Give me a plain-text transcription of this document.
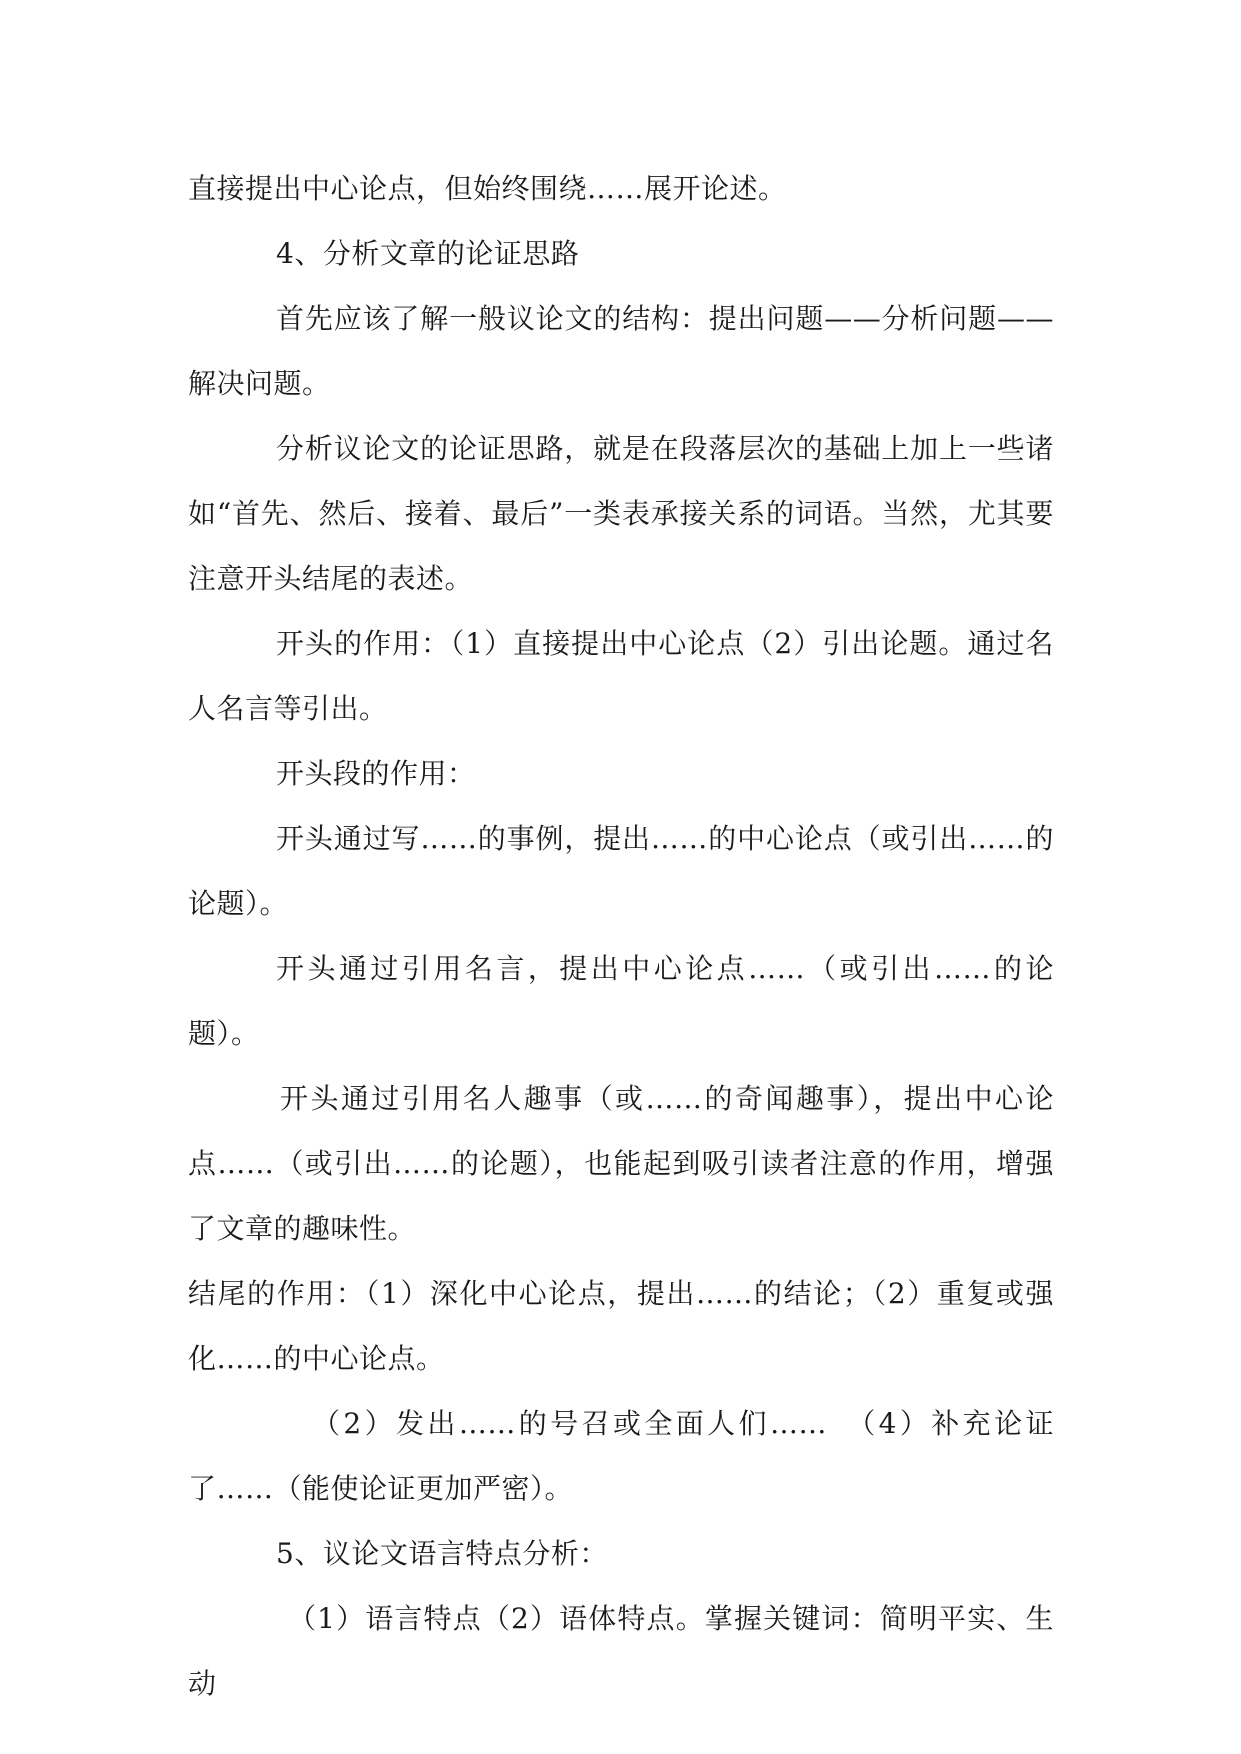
直接提出中心论点，但始终围绕……展开论述。

4、分析文章的论证思路

首先应该了解一般议论文的结构：提出问题——分析问题——解决问题。

分析议论文的论证思路，就是在段落层次的基础上加上一些诸如“首先、然后、接着、最后”一类表承接关系的词语。当然，尤其要注意开头结尾的表述。

开头的作用：（1）直接提出中心论点（2）引出论题。通过名人名言等引出。

开头段的作用：

开头通过写……的事例，提出……的中心论点（或引出……的论题）。

开头通过引用名言，提出中心论点……（或引出……的论题）。

开头通过引用名人趣事（或……的奇闻趣事），提出中心论点……（或引出……的论题），也能起到吸引读者注意的作用，增强了文章的趣味性。

结尾的作用：（1）深化中心论点，提出……的结论；（2）重复或强化……的中心论点。

（2）发出……的号召或全面人们……　（4）补充论证了……（能使论证更加严密）。

5、议论文语言特点分析：

（1）语言特点（2）语体特点。掌握关键词：简明平实、生动
